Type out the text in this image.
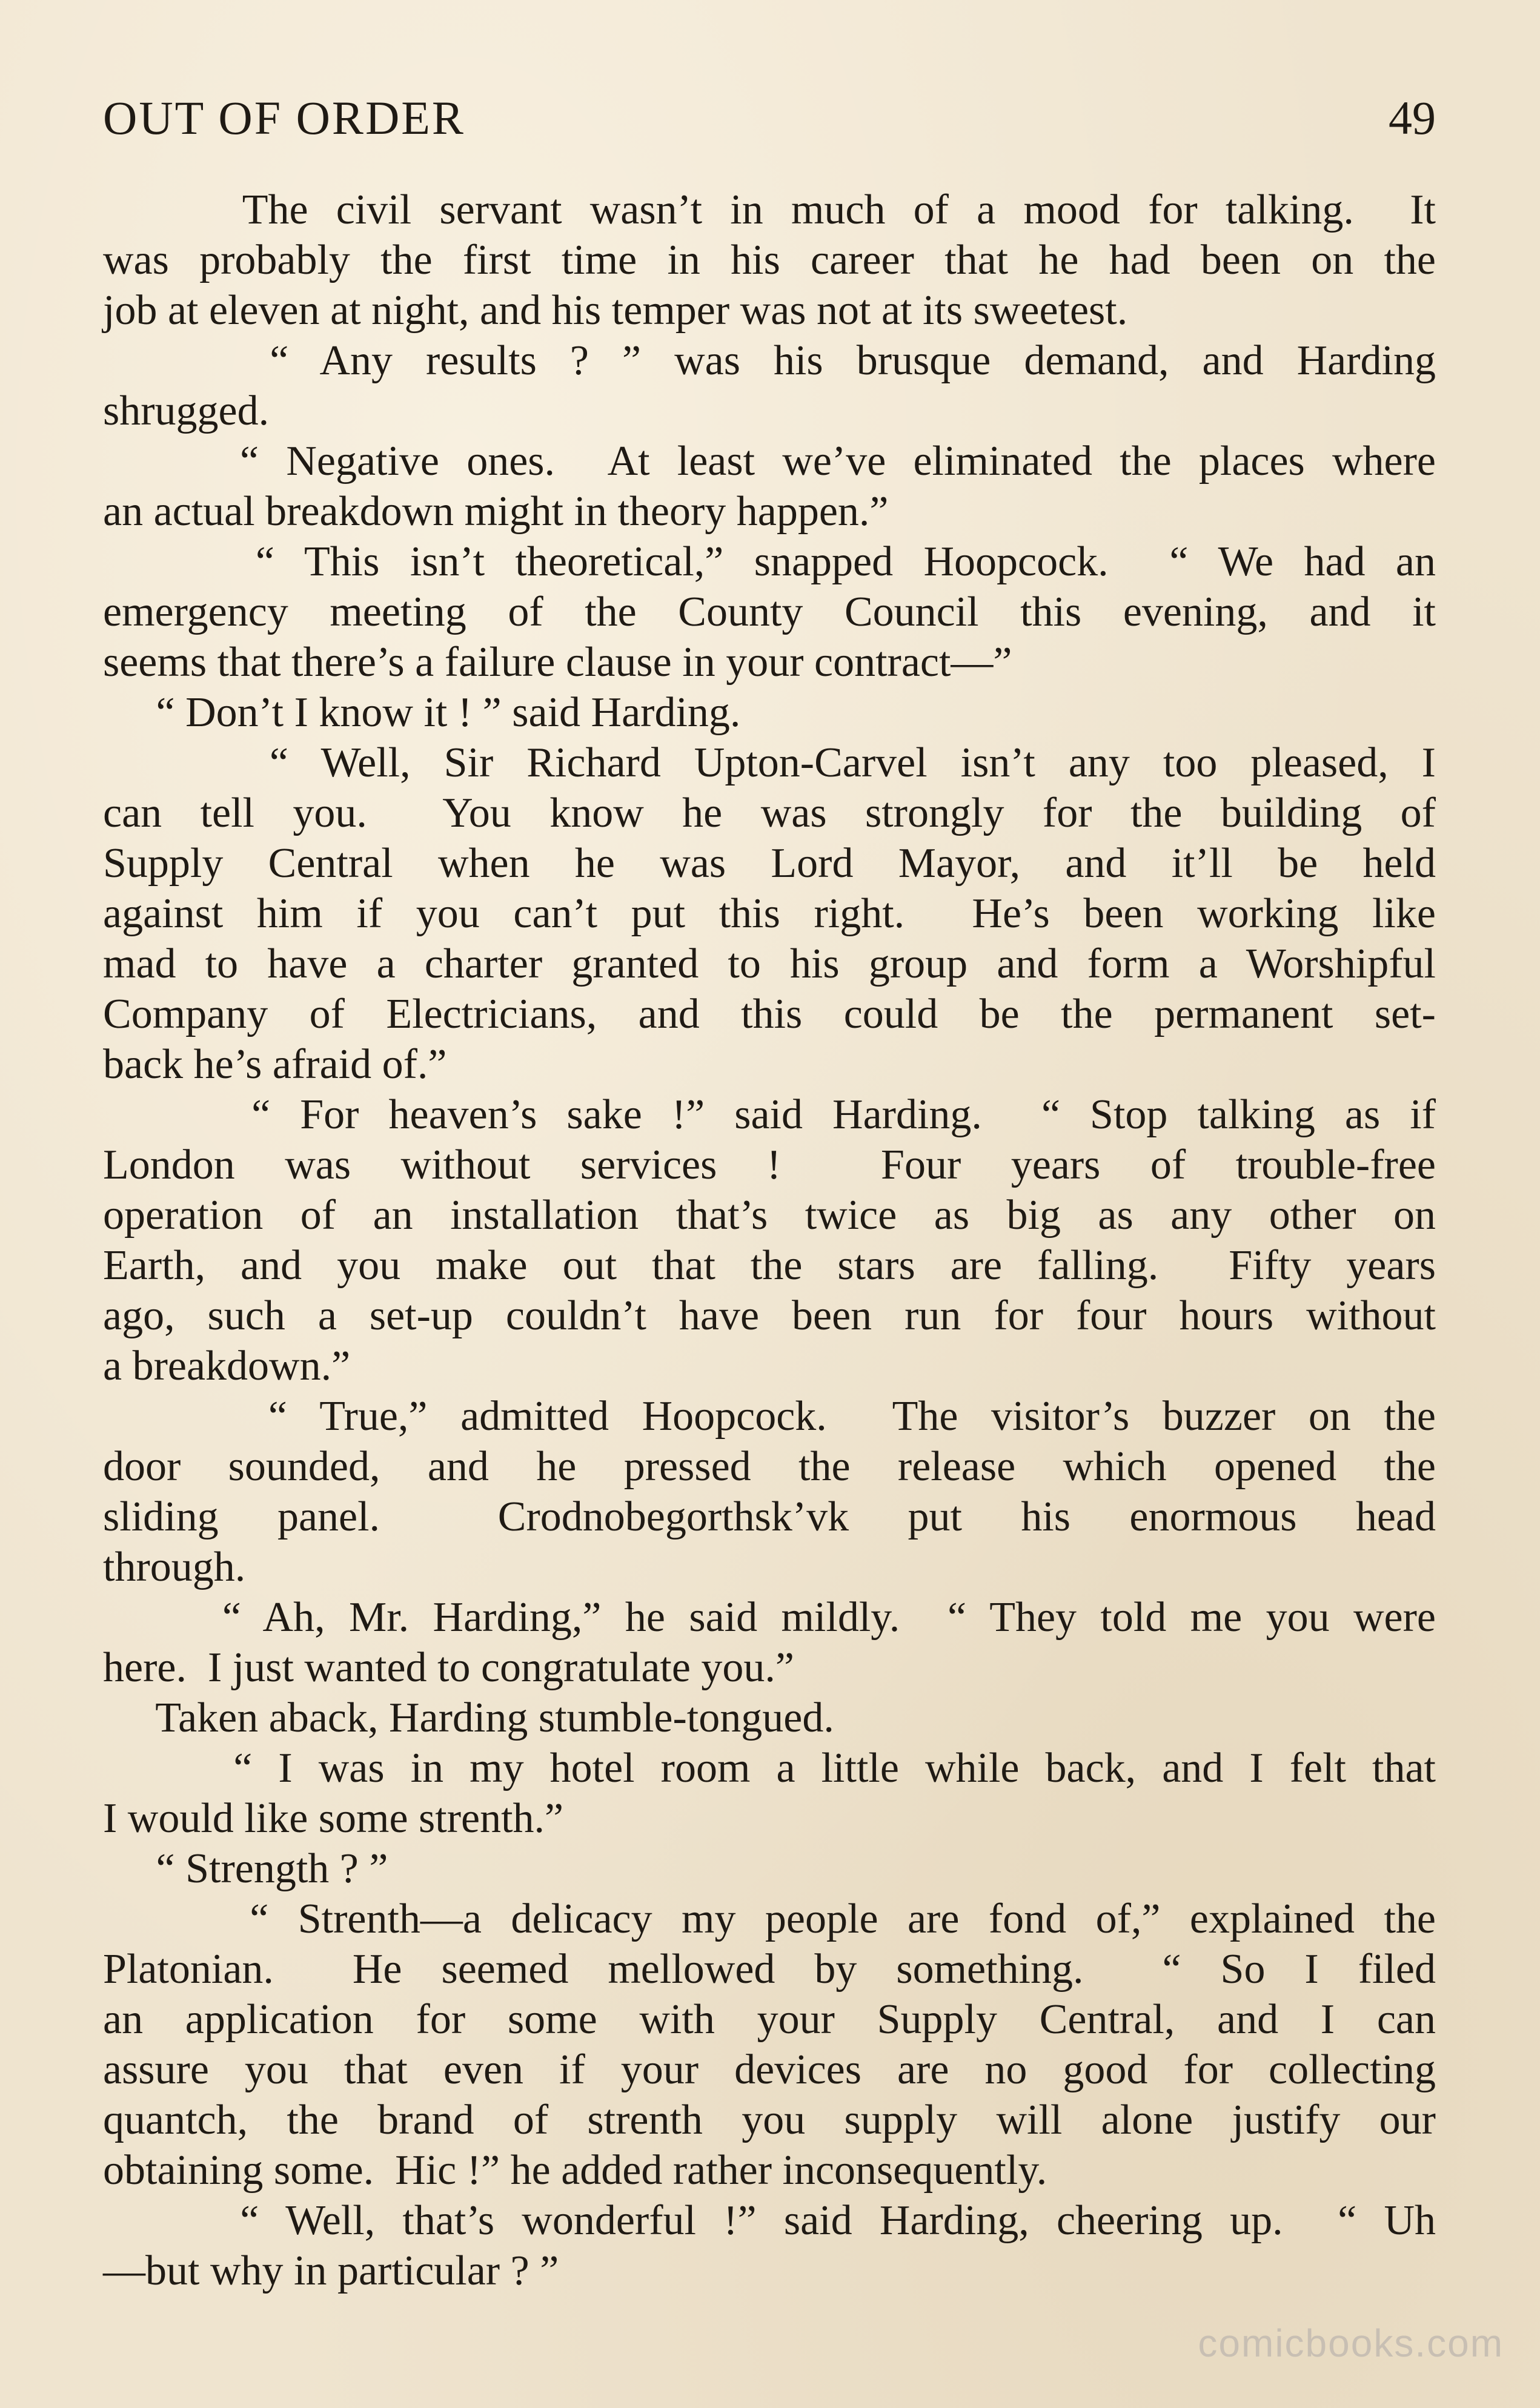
OUT OF ORDER	49
The civil servant wasn’t in much of a mood for talking.  It
was probably the first time in his career that he had been on the
job at eleven at night, and his temper was not at its sweetest.
“ Any results ? ” was his brusque demand, and Harding
shrugged.
“ Negative ones.  At least we’ve eliminated the places where
an actual breakdown might in theory happen.”
“ This isn’t theoretical,” snapped Hoopcock.  “ We had an
emergency meeting of the County Council this evening, and it
seems that there’s a failure clause in your contract—”
“ Don’t I know it ! ” said Harding.
“ Well, Sir Richard Upton-Carvel isn’t any too pleased, I
can tell you.  You know he was strongly for the building of
Supply Central when he was Lord Mayor, and it’ll be held
against him if you can’t put this right.  He’s been working like
mad to have a charter granted to his group and form a Worshipful
Company of Electricians, and this could be the permanent set-
back he’s afraid of.”
“ For heaven’s sake !” said Harding.  “ Stop talking as if
London was without services !  Four years of trouble-free
operation of an installation that’s twice as big as any other on
Earth, and you make out that the stars are falling.  Fifty years
ago, such a set-up couldn’t have been run for four hours without
a breakdown.”
“ True,” admitted Hoopcock.  The visitor’s buzzer on the
door sounded, and he pressed the release which opened the
sliding panel.  Crodnobegorthsk’vk put his enormous head
through.
“ Ah, Mr. Harding,” he said mildly.  “ They told me you were
here.  I just wanted to congratulate you.”
Taken aback, Harding stumble-tongued.
“ I was in my hotel room a little while back, and I felt that
I would like some strenth.”
“ Strength ? ”
“ Strenth—a delicacy my people are fond of,” explained the
Platonian.  He seemed mellowed by something.  “ So I filed
an application for some with your Supply Central, and I can
assure you that even if your devices are no good for collecting
quantch, the brand of strenth you supply will alone justify our
obtaining some.  Hic !” he added rather inconsequently.
“ Well, that’s wonderful !” said Harding, cheering up.  “ Uh
—but why in particular ? ”
comicbooks.com
